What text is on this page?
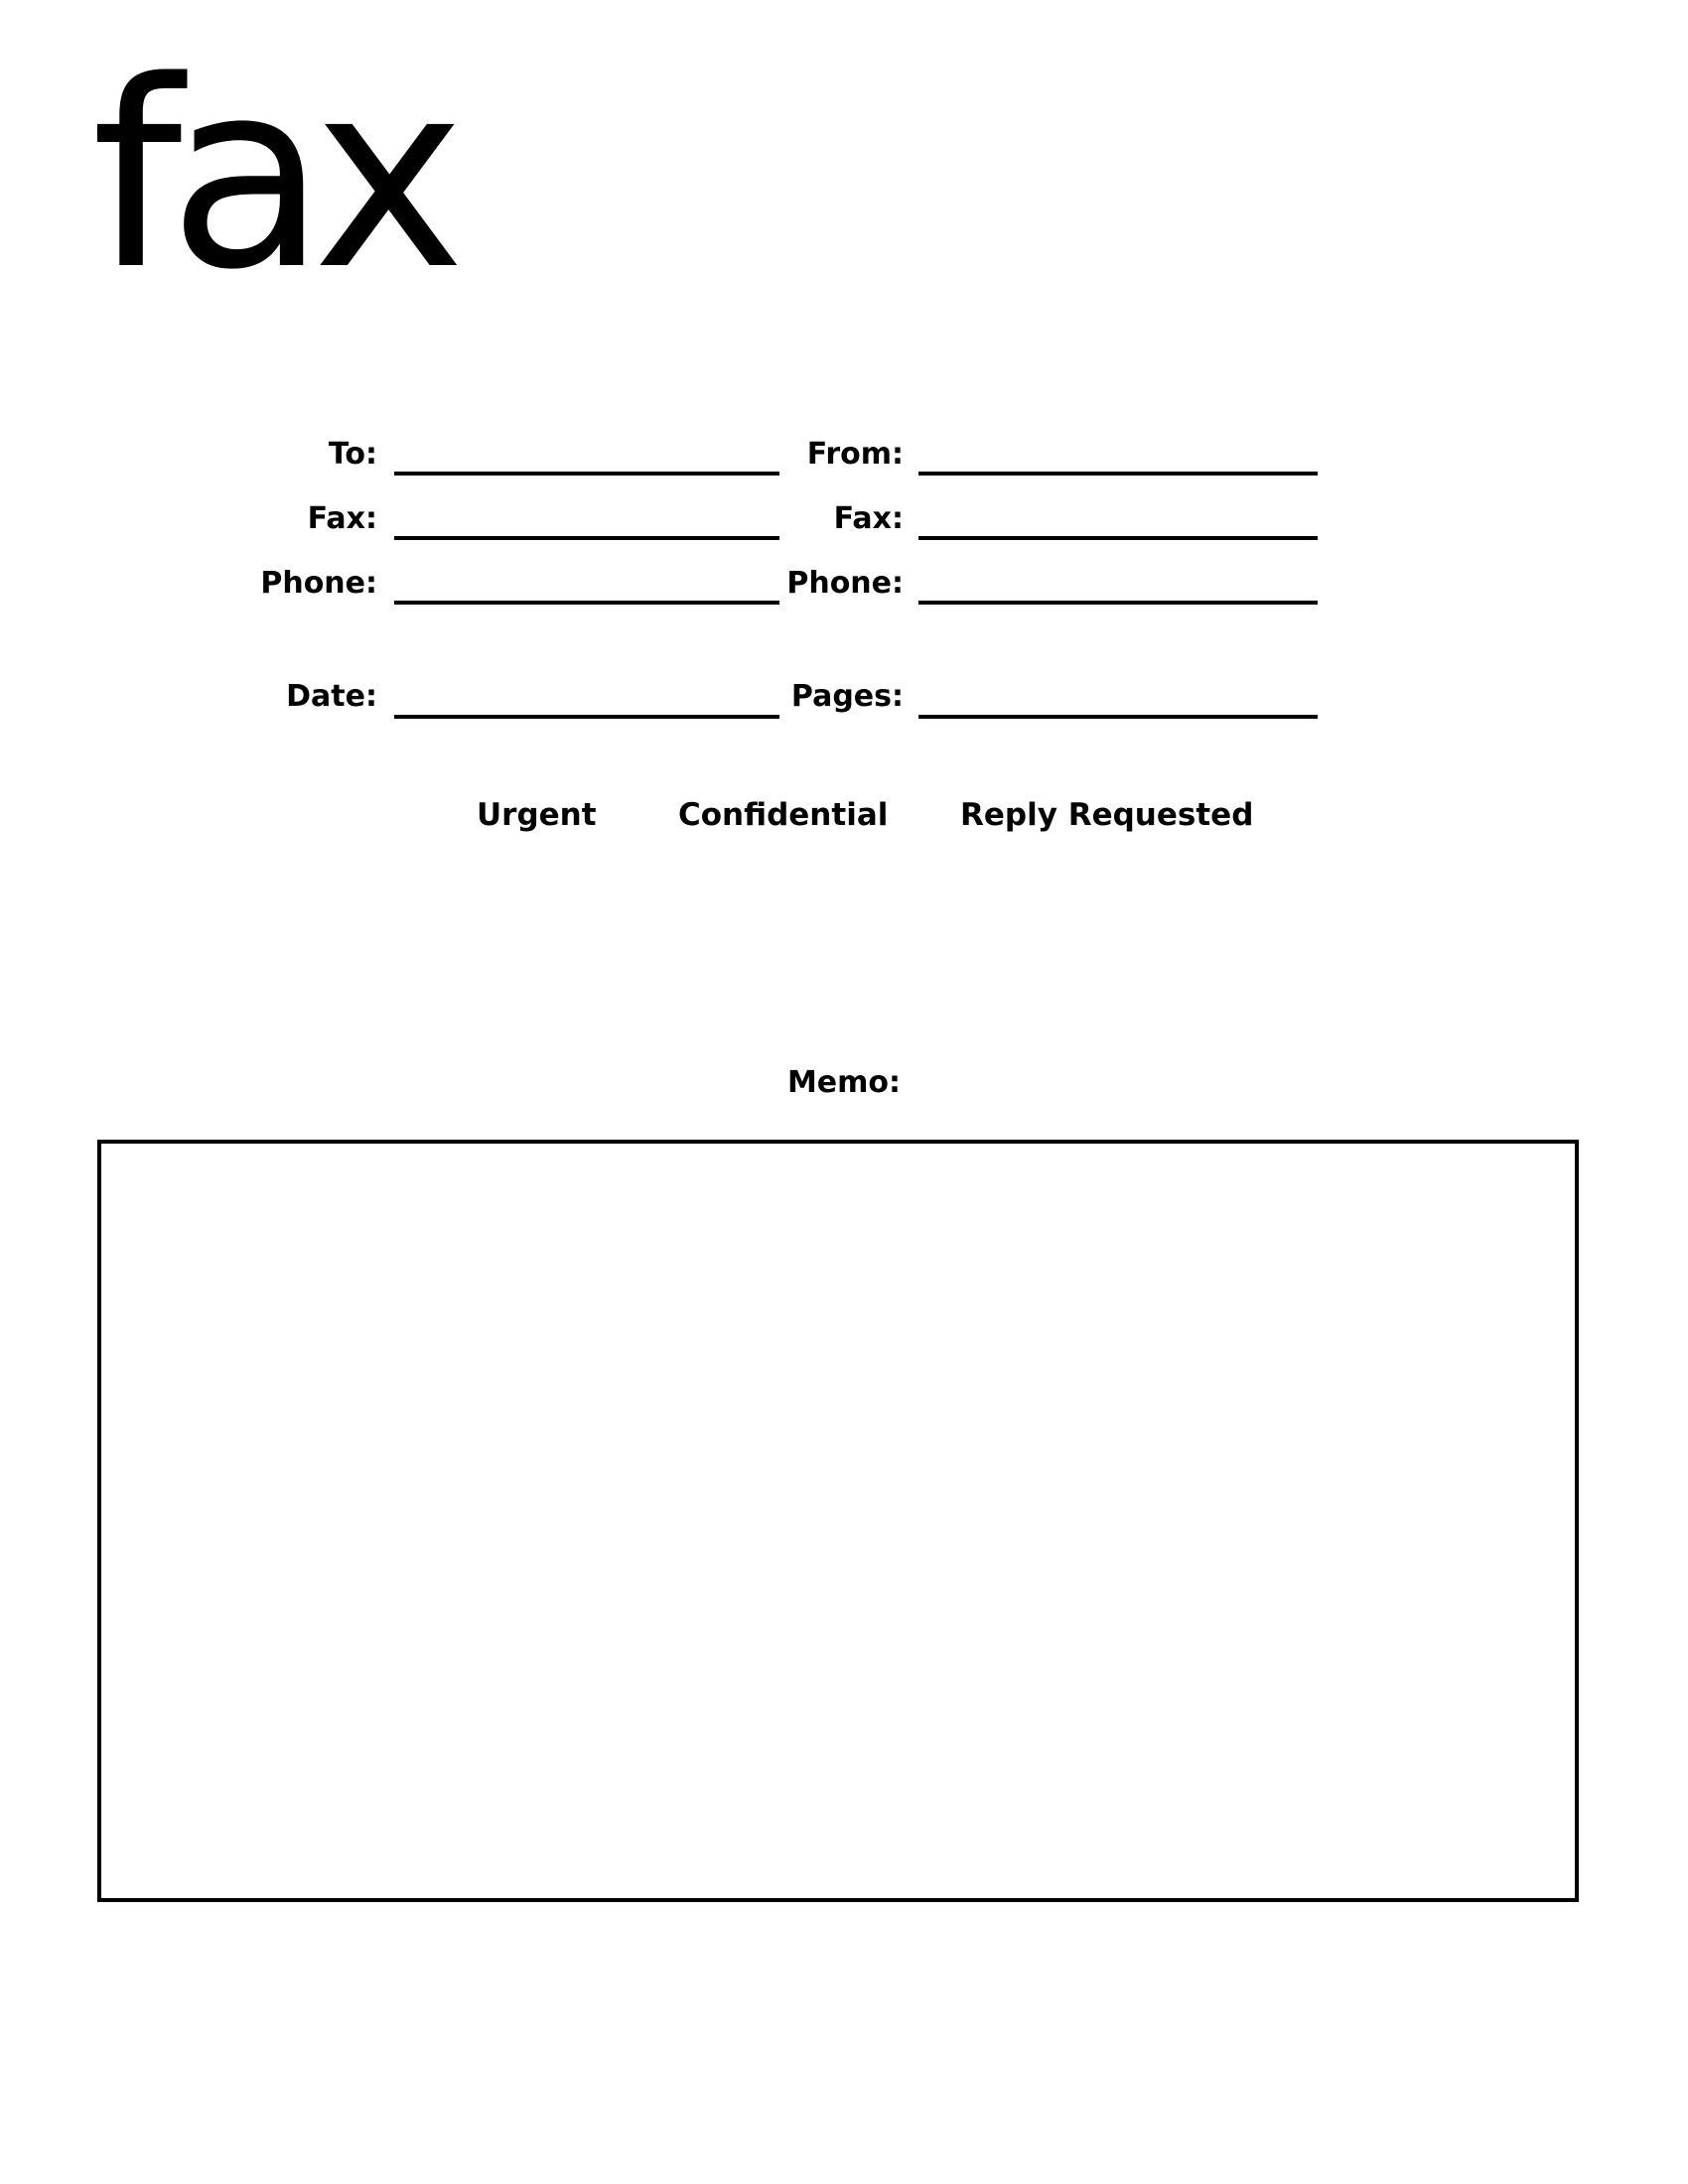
fax
To:	From:
Fax:	Fax:
Phone:	Phone:
Date:	Pages:
Urgent	Confidential Reply Requested
Memo:
